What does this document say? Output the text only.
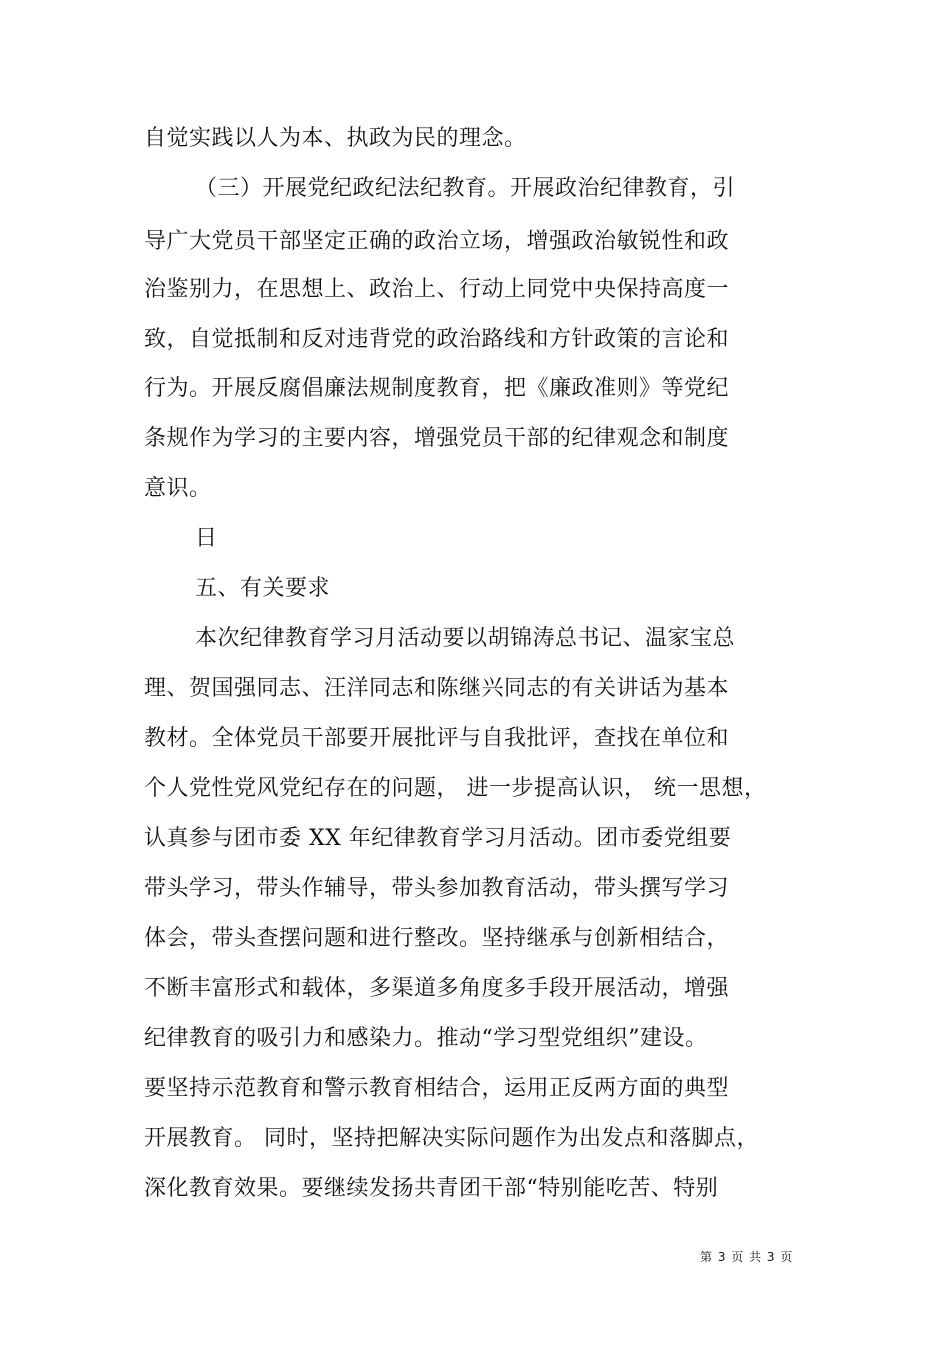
自觉实践以人为本、执政为民的理念。
（三）开展党纪政纪法纪教育。开展政治纪律教育，引
导广大党员干部坚定正确的政治立场，增强政治敏锐性和政
治鉴别力，在思想上、政治上、行动上同党中央保持高度一
致，自觉抵制和反对违背党的政治路线和方针政策的言论和
行为。开展反腐倡廉法规制度教育，把《廉政准则》等党纪
条规作为学习的主要内容，增强党员干部的纪律观念和制度
意识。
日
五、有关要求
本次纪律教育学习月活动要以胡锦涛总书记、温家宝总
理、贺国强同志、汪洋同志和陈继兴同志的有关讲话为基本
教材。全体党员干部要开展批评与自我批评，查找在单位和
个人党性党风党纪存在的问题， 进一步提高认识， 统一思想，
认真参与团市委 XX 年纪律教育学习月活动。团市委党组要
带头学习，带头作辅导，带头参加教育活动，带头撰写学习
体会，带头查摆问题和进行整改。坚持继承与创新相结合，
不断丰富形式和载体，多渠道多角度多手段开展活动，增强
纪律教育的吸引力和感染力。推动“学习型党组织”建设。
要坚持示范教育和警示教育相结合，运用正反两方面的典型
开展教育。 同时，坚持把解决实际问题作为出发点和落脚点，
深化教育效果。要继续发扬共青团干部“特别能吃苦、特别
第 3 页 共 3 页
